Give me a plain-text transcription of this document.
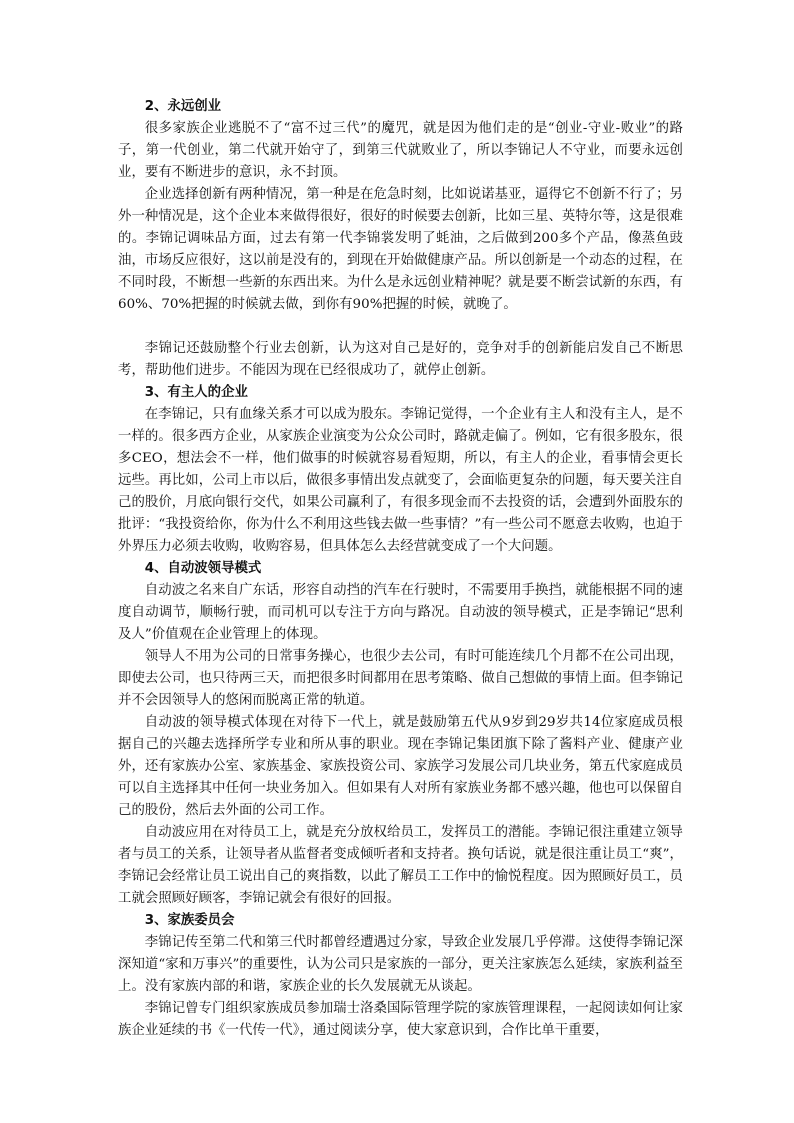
2、永远创业

很多家族企业逃脱不了“富不过三代”的魔咒，就是因为他们走的是“创业-守业-败业”的路子，第一代创业，第二代就开始守了，到第三代就败业了，所以李锦记人不守业，而要永远创业，要有不断进步的意识，永不封顶。

企业选择创新有两种情况，第一种是在危急时刻，比如说诺基亚，逼得它不创新不行了；另外一种情况是，这个企业本来做得很好，很好的时候要去创新，比如三星、英特尔等，这是很难的。李锦记调味品方面，过去有第一代李锦裳发明了蚝油，之后做到200多个产品，像蒸鱼豉油，市场反应很好，这以前是没有的，到现在开始做健康产品。所以创新是一个动态的过程，在不同时段，不断想一些新的东西出来。为什么是永远创业精神呢？就是要不断尝试新的东西，有60%、70%把握的时候就去做，到你有90%把握的时候，就晚了。

李锦记还鼓励整个行业去创新，认为这对自己是好的，竞争对手的创新能启发自己不断思考，帮助他们进步。不能因为现在已经很成功了，就停止创新。

3、有主人的企业

在李锦记，只有血缘关系才可以成为股东。李锦记觉得，一个企业有主人和没有主人，是不一样的。很多西方企业，从家族企业演变为公众公司时，路就走偏了。例如，它有很多股东，很多CEO，想法会不一样，他们做事的时候就容易看短期，所以，有主人的企业，看事情会更长远些。再比如，公司上市以后，做很多事情出发点就变了，会面临更复杂的问题，每天要关注自己的股价，月底向银行交代，如果公司赢利了，有很多现金而不去投资的话，会遭到外面股东的批评：“我投资给你，你为什么不利用这些钱去做一些事情？”有一些公司不愿意去收购，也迫于外界压力必须去收购，收购容易，但具体怎么去经营就变成了一个大问题。

4、自动波领导模式

自动波之名来自广东话，形容自动挡的汽车在行驶时，不需要用手换挡，就能根据不同的速度自动调节，顺畅行驶，而司机可以专注于方向与路况。自动波的领导模式，正是李锦记“思利及人”价值观在企业管理上的体现。

领导人不用为公司的日常事务操心，也很少去公司，有时可能连续几个月都不在公司出现，即使去公司，也只待两三天，而把很多时间都用在思考策略、做自己想做的事情上面。但李锦记并不会因领导人的悠闲而脱离正常的轨道。

自动波的领导模式体现在对待下一代上，就是鼓励第五代从9岁到29岁共14位家庭成员根据自己的兴趣去选择所学专业和所从事的职业。现在李锦记集团旗下除了酱料产业、健康产业外，还有家族办公室、家族基金、家族投资公司、家族学习发展公司几块业务，第五代家庭成员可以自主选择其中任何一块业务加入。但如果有人对所有家族业务都不感兴趣，他也可以保留自己的股份，然后去外面的公司工作。

自动波应用在对待员工上，就是充分放权给员工，发挥员工的潜能。李锦记很注重建立领导者与员工的关系，让领导者从监督者变成倾听者和支持者。换句话说，就是很注重让员工“爽”，李锦记会经常让员工说出自己的爽指数，以此了解员工工作中的愉悦程度。因为照顾好员工，员工就会照顾好顾客，李锦记就会有很好的回报。

3、家族委员会

李锦记传至第二代和第三代时都曾经遭遇过分家，导致企业发展几乎停滞。这使得李锦记深深知道“家和万事兴”的重要性，认为公司只是家族的一部分，更关注家族怎么延续，家族利益至上。没有家族内部的和谐，家族企业的长久发展就无从谈起。

李锦记曾专门组织家族成员参加瑞士洛桑国际管理学院的家族管理课程，一起阅读如何让家族企业延续的书《一代传一代》，通过阅读分享，使大家意识到，合作比单干重要，
